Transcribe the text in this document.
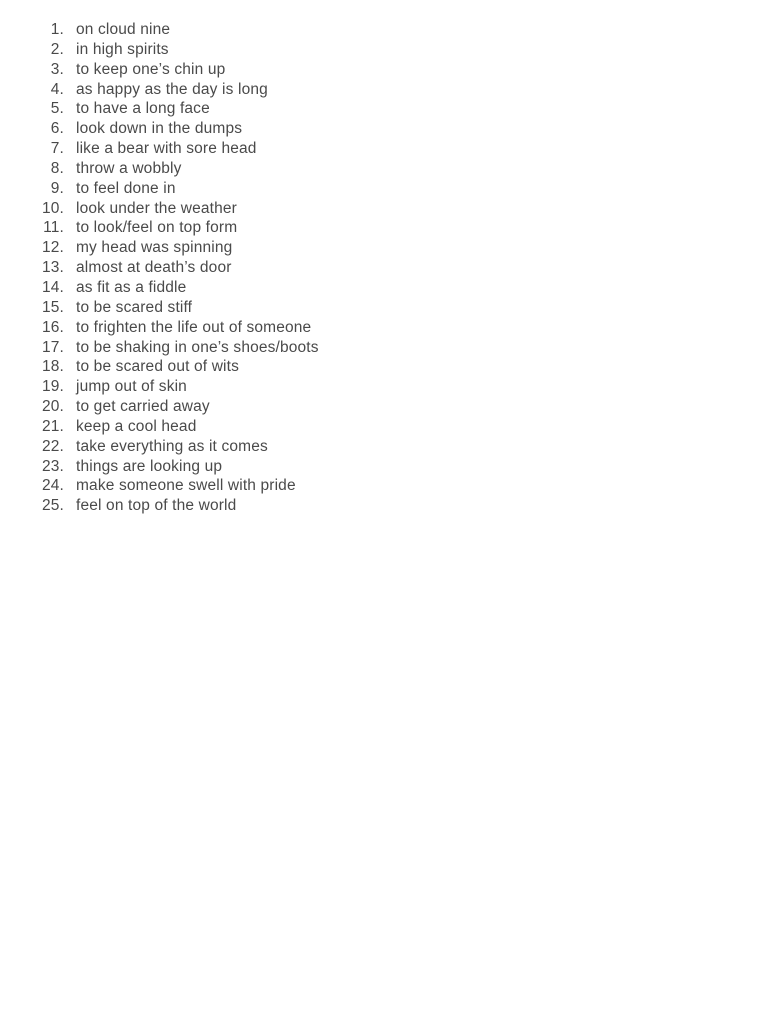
1. on cloud nine
2. in high spirits
3. to keep one’s chin up
4. as happy as the day is long
5. to have a long face
6. look down in the dumps
7. like a bear with sore head
8. throw a wobbly
9. to feel done in
10. look under the weather
11. to look/feel on top form
12. my head was spinning
13. almost at death’s door
14. as fit as a fiddle
15. to be scared stiff
16. to frighten the life out of someone
17. to be shaking in one’s shoes/boots
18. to be scared out of wits
19. jump out of skin
20. to get carried away
21. keep a cool head
22. take everything as it comes
23. things are looking up
24. make someone swell with pride
25. feel on top of the world
